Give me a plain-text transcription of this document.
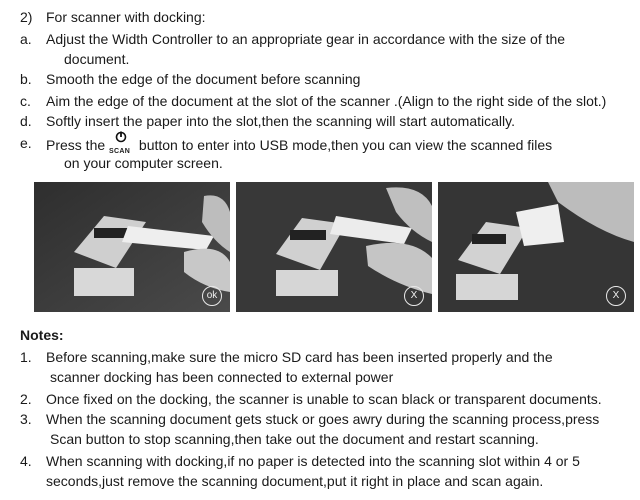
2) For scanner with docking:
a. Adjust the Width Controller to an appropriate gear in accordance with the size of the
document.
b. Smooth the edge of the document before scanning
c. Aim the edge of the document at the slot of the scanner .(Align to the right side of the slot.)
d. Softly insert the paper into the slot,then the scanning will start automatically.
e. Press the SCAN button to enter into USB mode,then you can view the scanned files
on your computer screen.
ok	X	X
Notes:
1. Before scanning,make sure the micro SD card has been inserted properly and the
scanner docking has been connected to external power
2. Once fixed on the docking, the scanner is unable to scan black or transparent documents.
3. When the scanning document gets stuck or goes awry during the scanning process,press
Scan button to stop scanning,then take out the document and restart scanning.
4. When scanning with docking,if no paper is detected into the scanning slot within 4 or 5
seconds,just remove the scanning document,put it right in place and scan again.
